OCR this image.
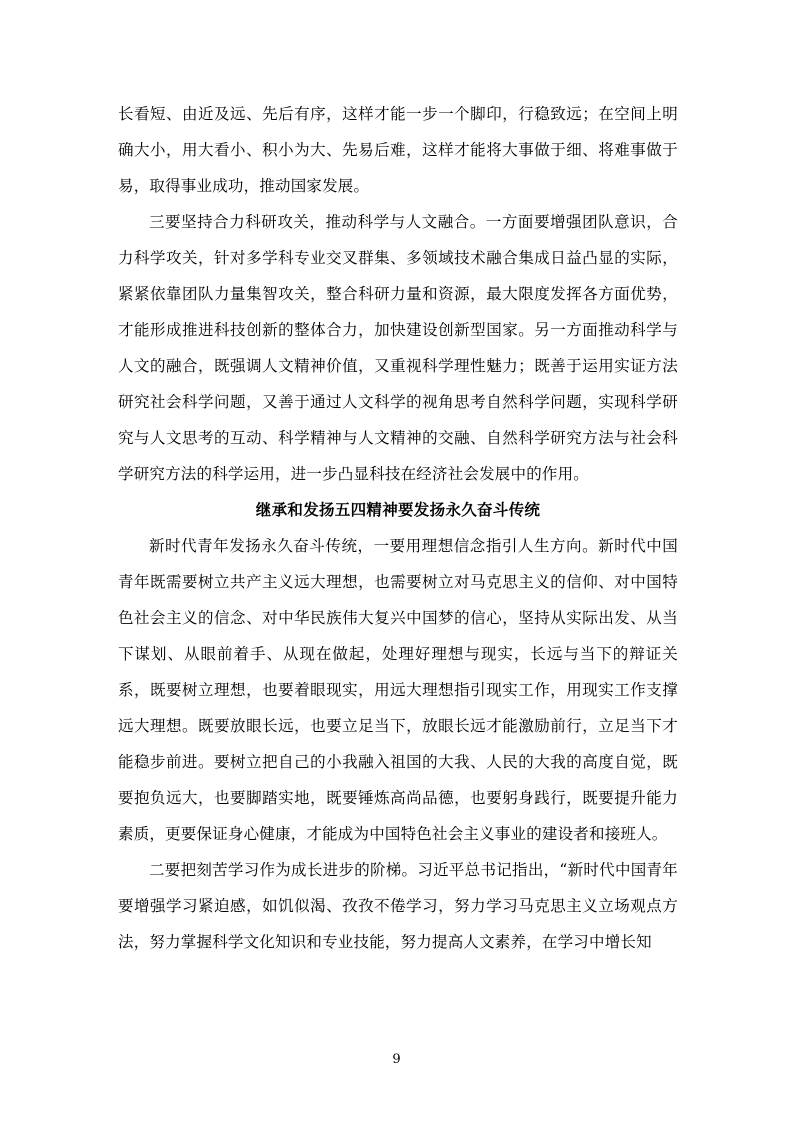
长看短、由近及远、先后有序，这样才能一步一个脚印，行稳致远；在空间上明确大小，用大看小、积小为大、先易后难，这样才能将大事做于细、将难事做于易，取得事业成功，推动国家发展。

三要坚持合力科研攻关，推动科学与人文融合。一方面要增强团队意识，合力科学攻关，针对多学科专业交叉群集、多领域技术融合集成日益凸显的实际，紧紧依靠团队力量集智攻关，整合科研力量和资源，最大限度发挥各方面优势，才能形成推进科技创新的整体合力，加快建设创新型国家。另一方面推动科学与人文的融合，既强调人文精神价值，又重视科学理性魅力；既善于运用实证方法研究社会科学问题，又善于通过人文科学的视角思考自然科学问题，实现科学研究与人文思考的互动、科学精神与人文精神的交融、自然科学研究方法与社会科学研究方法的科学运用，进一步凸显科技在经济社会发展中的作用。

继承和发扬五四精神要发扬永久奋斗传统

新时代青年发扬永久奋斗传统，一要用理想信念指引人生方向。新时代中国青年既需要树立共产主义远大理想，也需要树立对马克思主义的信仰、对中国特色社会主义的信念、对中华民族伟大复兴中国梦的信心，坚持从实际出发、从当下谋划、从眼前着手、从现在做起，处理好理想与现实，长远与当下的辩证关系，既要树立理想，也要着眼现实，用远大理想指引现实工作，用现实工作支撑远大理想。既要放眼长远，也要立足当下，放眼长远才能激励前行，立足当下才能稳步前进。要树立把自己的小我融入祖国的大我、人民的大我的高度自觉，既要抱负远大，也要脚踏实地，既要锤炼高尚品德，也要躬身践行，既要提升能力素质，更要保证身心健康，才能成为中国特色社会主义事业的建设者和接班人。

二要把刻苦学习作为成长进步的阶梯。习近平总书记指出，“新时代中国青年要增强学习紧迫感，如饥似渴、孜孜不倦学习，努力学习马克思主义立场观点方法，努力掌握科学文化知识和专业技能，努力提高人文素养，在学习中增长知

9
